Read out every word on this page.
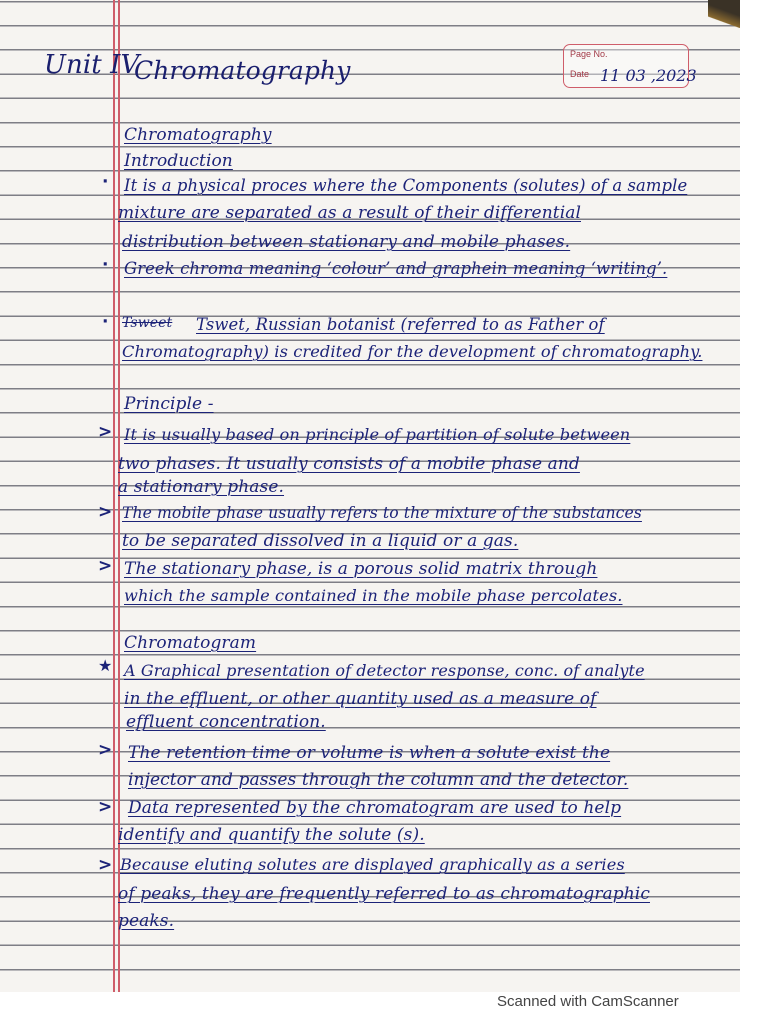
Page No.
Date 11 03 ,2023
Unit IV
Chromatography
Chromatography
Introduction
· It is a physical proces where the Components (solutes) of a sample
mixture are separated as a result of their differential
distribution between stationary and mobile phases.
· Greek chroma meaning ‘colour’ and graphein meaning ‘writing’.
· Tsweet Tswet, Russian botanist (referred to as Father of
Chromatography) is credited for the development of chromatography.
Principle -
> It is usually based on principle of partition of solute between
two phases. It usually consists of a mobile phase and
a stationary phase.
> The mobile phase usually refers to the mixture of the substances
to be separated dissolved in a liquid or a gas.
> The stationary phase, is a porous solid matrix through
which the sample contained in the mobile phase percolates.
Chromatogram
★ A Graphical presentation of detector response, conc. of analyte
in the effluent, or other quantity used as a measure of
effluent concentration.
> The retention time or volume is when a solute exist the
injector and passes through the column and the detector.
> Data represented by the chromatogram are used to help
identify and quantify the solute (s).
> Because eluting solutes are displayed graphically as a series
of peaks, they are frequently referred to as chromatographic
peaks.
Scanned with CamScanner
